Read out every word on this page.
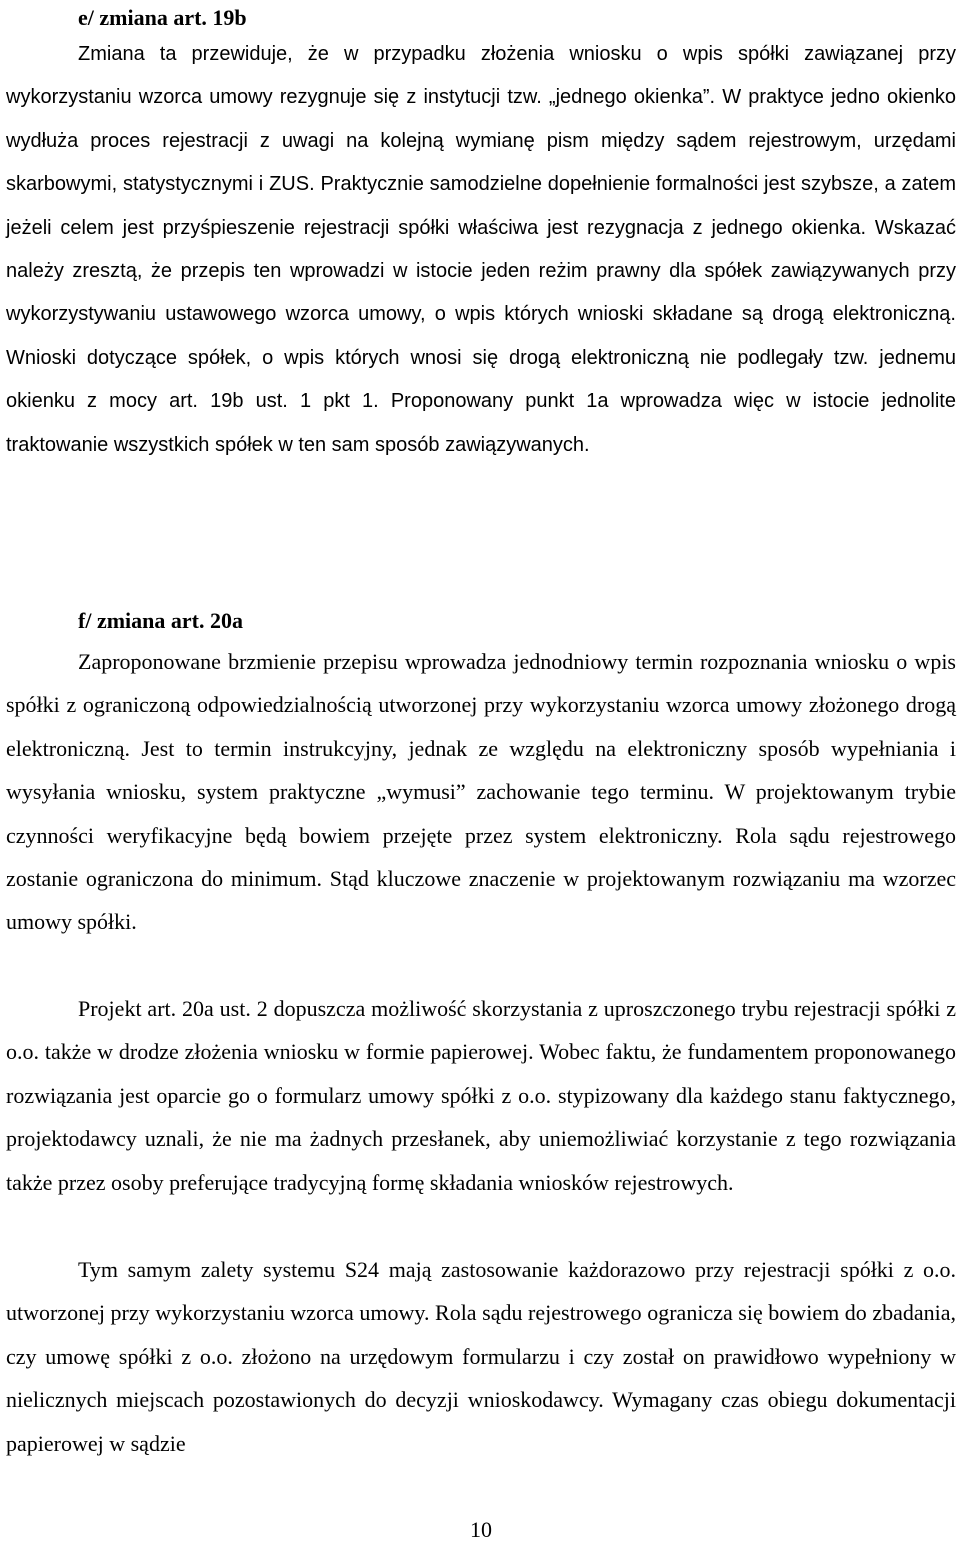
e/ zmiana art. 19b

Zmiana ta przewiduje, że w przypadku złożenia wniosku o wpis spółki zawiązanej przy wykorzystaniu wzorca umowy rezygnuje się z instytucji tzw. „jednego okienka”. W praktyce jedno okienko wydłuża proces rejestracji z uwagi na kolejną wymianę pism między sądem rejestrowym, urzędami skarbowymi, statystycznymi i ZUS. Praktycznie samodzielne dopełnienie formalności jest szybsze, a zatem jeżeli celem jest przyśpieszenie rejestracji spółki właściwa jest rezygnacja z jednego okienka. Wskazać należy zresztą, że przepis ten wprowadzi w istocie jeden reżim prawny dla spółek zawiązywanych przy wykorzystywaniu ustawowego wzorca umowy, o wpis których wnioski składane są drogą elektroniczną. Wnioski dotyczące spółek, o wpis których wnosi się drogą elektroniczną nie podlegały tzw. jednemu okienku z mocy art. 19b ust. 1 pkt 1. Proponowany punkt 1a wprowadza więc w istocie jednolite traktowanie wszystkich spółek w ten sam sposób zawiązywanych.

f/ zmiana art. 20a

Zaproponowane brzmienie przepisu wprowadza jednodniowy termin rozpoznania wniosku o wpis spółki z ograniczoną odpowiedzialnością utworzonej przy wykorzystaniu wzorca umowy złożonego drogą elektroniczną. Jest to termin instrukcyjny, jednak ze względu na elektroniczny sposób wypełniania i wysyłania wniosku, system praktyczne „wymusi” zachowanie tego terminu. W projektowanym trybie czynności weryfikacyjne będą bowiem przejęte przez system elektroniczny. Rola sądu rejestrowego zostanie ograniczona do minimum. Stąd kluczowe znaczenie w projektowanym rozwiązaniu ma wzorzec umowy spółki.

Projekt art. 20a ust. 2 dopuszcza możliwość skorzystania z uproszczonego trybu rejestracji spółki z o.o. także w drodze złożenia wniosku w formie papierowej. Wobec faktu, że fundamentem proponowanego rozwiązania jest oparcie go o formularz umowy spółki z o.o. stypizowany dla każdego stanu faktycznego, projektodawcy uznali, że nie ma żadnych przesłanek, aby uniemożliwiać korzystanie z tego rozwiązania także przez osoby preferujące tradycyjną formę składania wniosków rejestrowych.

Tym samym zalety systemu S24 mają zastosowanie każdorazowo przy rejestracji spółki z o.o. utworzonej przy wykorzystaniu wzorca umowy. Rola sądu rejestrowego ogranicza się bowiem do zbadania, czy umowę spółki z o.o. złożono na urzędowym formularzu i czy został on prawidłowo wypełniony w nielicznych miejscach pozostawionych do decyzji wnioskodawcy. Wymagany czas obiegu dokumentacji papierowej w sądzie

10
